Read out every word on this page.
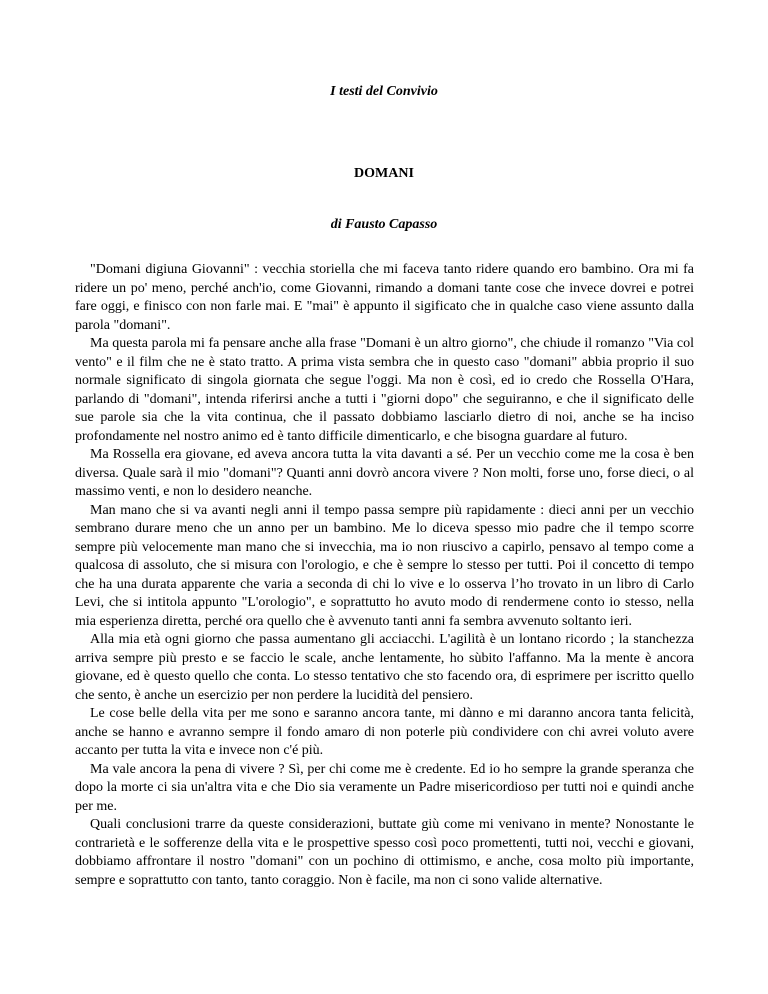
I testi del Convivio
DOMANI
di Fausto Capasso

"Domani digiuna Giovanni" : vecchia storiella che mi faceva tanto ridere quando ero bambino. Ora mi fa ridere un po' meno, perché anch'io, come Giovanni, rimando a domani tante cose che invece dovrei e potrei fare oggi, e finisco con non farle mai. E "mai" è appunto il sigificato che in qualche caso viene assunto dalla parola "domani".

Ma questa parola mi fa pensare anche alla frase "Domani è un altro giorno", che chiude il romanzo "Via col vento" e il film che ne è stato tratto. A prima vista sembra che in questo caso "domani" abbia proprio il suo normale significato di singola giornata che segue l'oggi. Ma non è così, ed io credo che Rossella O'Hara, parlando di "domani", intenda riferirsi anche a tutti i "giorni dopo" che seguiranno, e che il significato delle sue parole sia che la vita continua, che il passato dobbiamo lasciarlo dietro di noi, anche se ha inciso profondamente nel nostro animo ed è tanto difficile dimenticarlo, e che bisogna guardare al futuro.

Ma Rossella era giovane, ed aveva ancora tutta la vita davanti a sé. Per un vecchio come me la cosa è ben diversa. Quale sarà il mio "domani"? Quanti anni dovrò ancora vivere ? Non molti, forse uno, forse dieci, o al massimo venti, e non lo desidero neanche.

Man mano che si va avanti negli anni il tempo passa sempre più rapidamente : dieci anni per un vecchio sembrano durare meno che un anno per un bambino. Me lo diceva spesso mio padre che il tempo scorre sempre più velocemente man mano che si invecchia, ma io non riuscivo a capirlo, pensavo al tempo come a qualcosa di assoluto, che si misura con l'orologio, e che è sempre lo stesso per tutti. Poi il concetto di tempo che ha una durata apparente che varia a seconda di chi lo vive e lo osserva l’ho trovato in un libro di Carlo Levi, che si intitola appunto "L'orologio", e soprattutto ho avuto modo di rendermene conto io stesso, nella mia esperienza diretta, perché ora quello che è avvenuto tanti anni fa sembra avvenuto soltanto ieri.

Alla mia età ogni giorno che passa aumentano gli acciacchi. L'agilità è un lontano ricordo ; la stanchezza arriva sempre più presto e se faccio le scale, anche lentamente, ho sùbito l'affanno. Ma la mente è ancora giovane, ed è questo quello che conta. Lo stesso tentativo che sto facendo ora, di esprimere per iscritto quello che sento, è anche un esercizio per non perdere la lucidità del pensiero.

Le cose belle della vita per me sono e saranno ancora tante, mi dànno e mi daranno ancora tanta felicità, anche se hanno e avranno sempre il fondo amaro di non poterle più condividere con chi avrei voluto avere accanto per tutta la vita e invece non c'é più.

Ma vale ancora la pena di vivere ? Sì, per chi come me è credente. Ed io ho sempre la grande speranza che dopo la morte ci sia un'altra vita e che Dio sia veramente un Padre misericordioso per tutti noi e quindi anche per me.

Quali conclusioni trarre da queste considerazioni, buttate giù come mi venivano in mente? Nonostante le contrarietà e le sofferenze della vita e le prospettive spesso così poco promettenti, tutti noi, vecchi e giovani, dobbiamo affrontare il nostro "domani" con un pochino di ottimismo, e anche, cosa molto più importante, sempre e soprattutto con tanto, tanto coraggio. Non è facile, ma non ci sono valide alternative.
